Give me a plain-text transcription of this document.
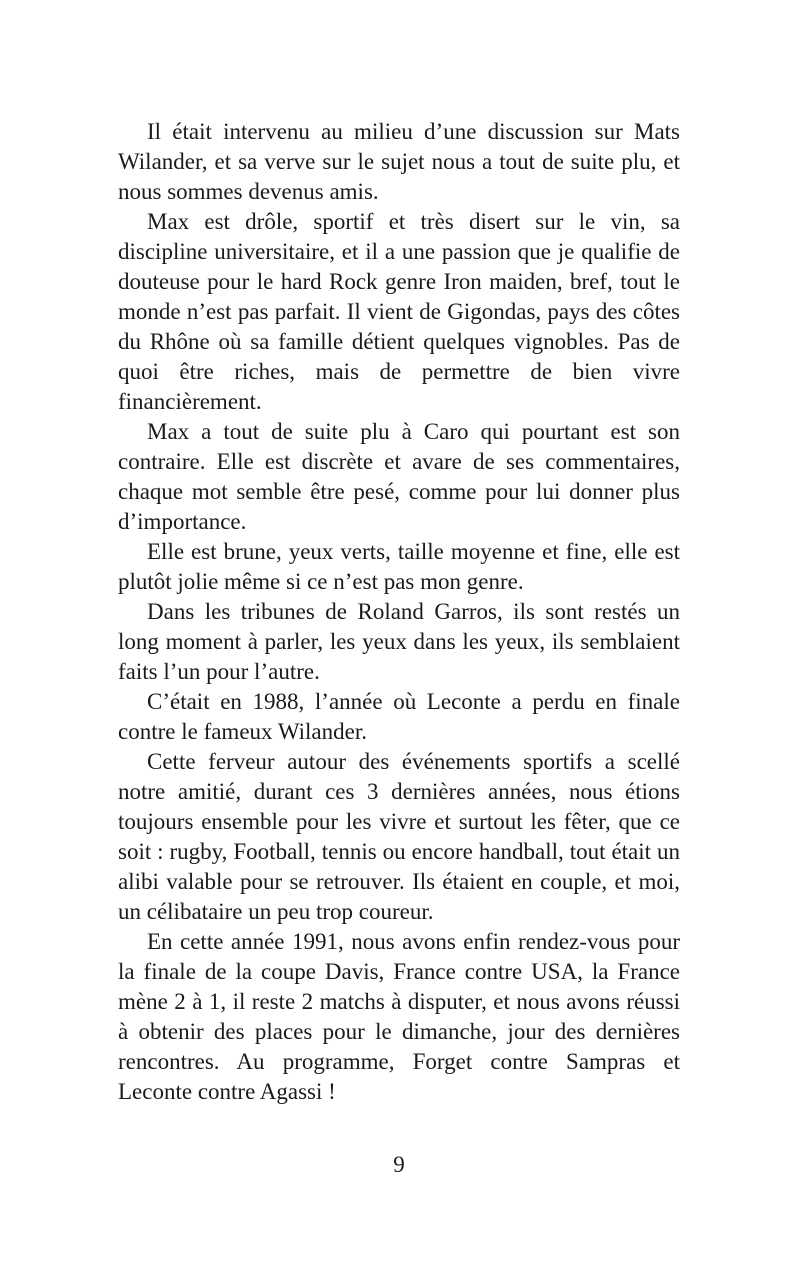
Il était intervenu au milieu d’une discussion sur Mats Wilander, et sa verve sur le sujet nous a tout de suite plu, et nous sommes devenus amis.

Max est drôle, sportif et très disert sur le vin, sa discipline universitaire, et il a une passion que je qualifie de douteuse pour le hard Rock genre Iron maiden, bref, tout le monde n’est pas parfait. Il vient de Gigondas, pays des côtes du Rhône où sa famille détient quelques vignobles. Pas de quoi être riches, mais de permettre de bien vivre financièrement.

Max a tout de suite plu à Caro qui pourtant est son contraire. Elle est discrète et avare de ses commentaires, chaque mot semble être pesé, comme pour lui donner plus d’importance.

Elle est brune, yeux verts, taille moyenne et fine, elle est plutôt jolie même si ce n’est pas mon genre.

Dans les tribunes de Roland Garros, ils sont restés un long moment à parler, les yeux dans les yeux, ils semblaient faits l’un pour l’autre.

C’était en 1988, l’année où Leconte a perdu en finale contre le fameux Wilander.

Cette ferveur autour des événements sportifs a scellé notre amitié, durant ces 3 dernières années, nous étions toujours ensemble pour les vivre et surtout les fêter, que ce soit : rugby, Football, tennis ou encore handball, tout était un alibi valable pour se retrouver. Ils étaient en couple, et moi, un célibataire un peu trop coureur.

En cette année 1991, nous avons enfin rendez-vous pour la finale de la coupe Davis, France contre USA, la France mène 2 à 1, il reste 2 matchs à disputer, et nous avons réussi à obtenir des places pour le dimanche, jour des dernières rencontres. Au programme, Forget contre Sampras et Leconte contre Agassi !

9
